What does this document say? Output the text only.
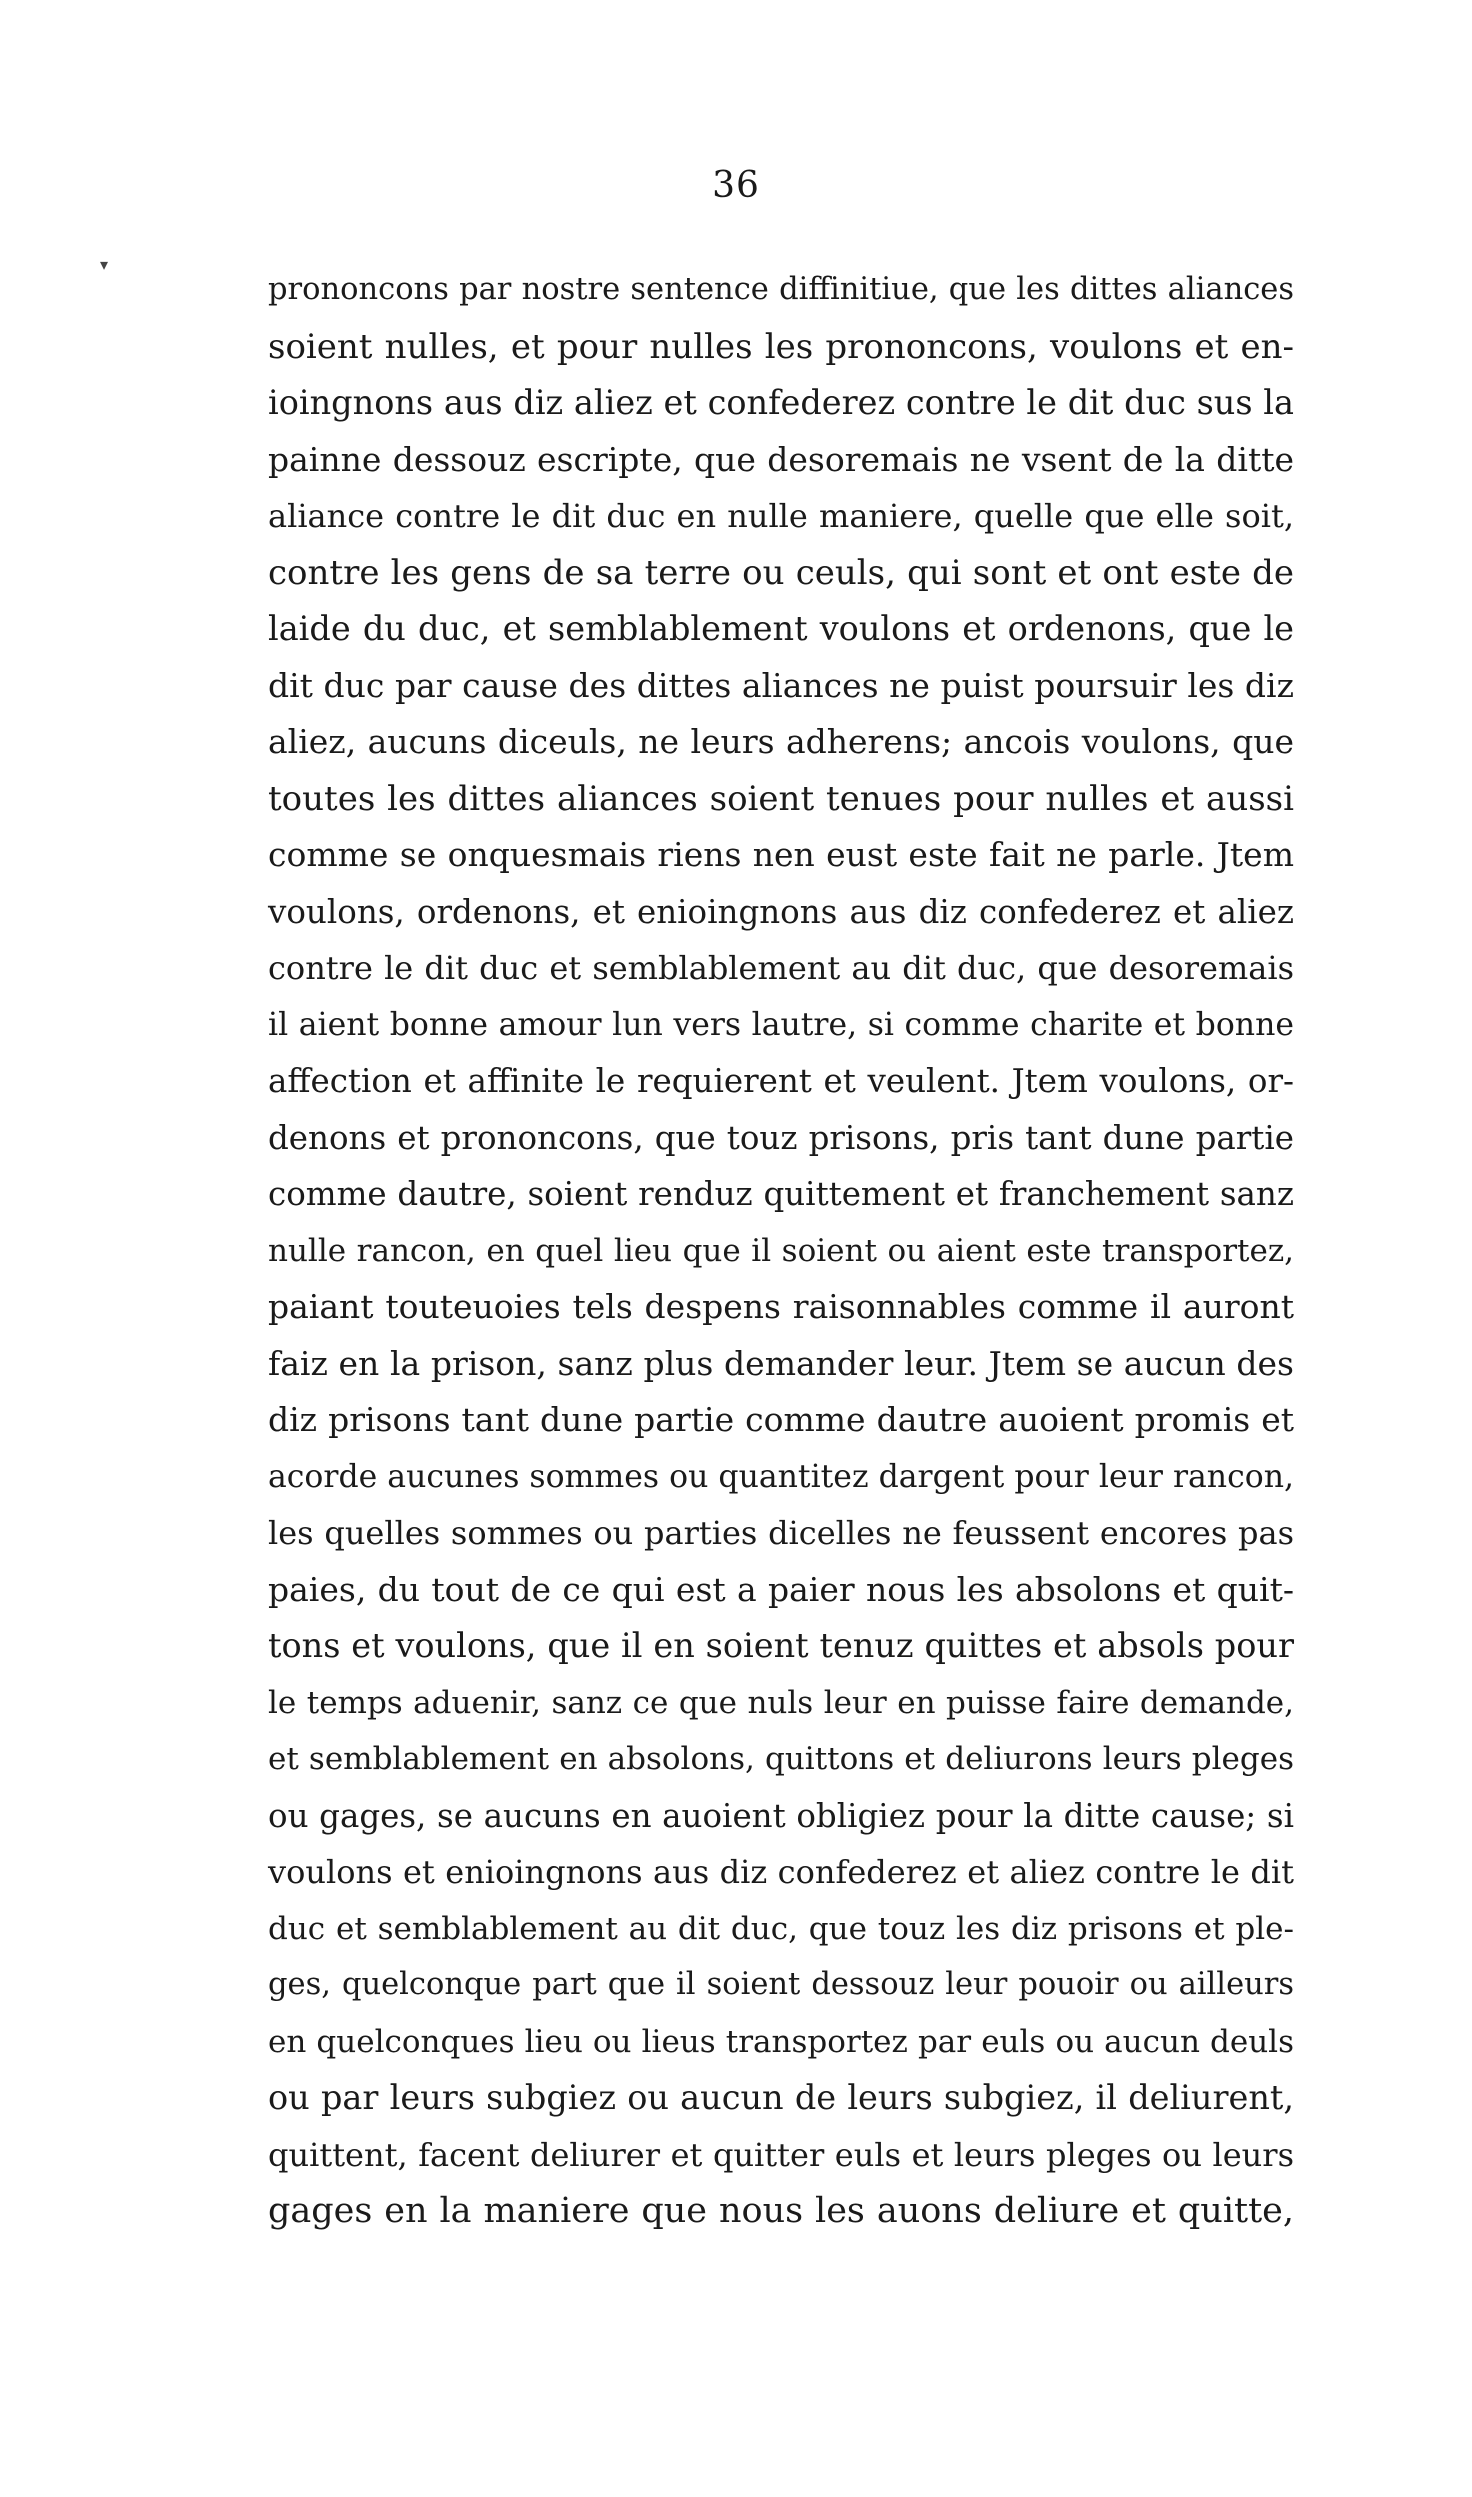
▾
36
prononcons par nostre sentence diffinitiue, que les dittes aliances
soient nulles, et pour nulles les prononcons, voulons et en-
ioingnons aus diz aliez et confederez contre le dit duc sus la
painne dessouz escripte, que desoremais ne vsent de la ditte
aliance contre le dit duc en nulle maniere, quelle que elle soit,
contre les gens de sa terre ou ceuls, qui sont et ont este de
laide du duc, et semblablement voulons et ordenons, que le
dit duc par cause des dittes aliances ne puist poursuir les diz
aliez, aucuns diceuls, ne leurs adherens; ancois voulons, que
toutes les dittes aliances soient tenues pour nulles et aussi
comme se onquesmais riens nen eust este fait ne parle. Jtem
voulons, ordenons, et enioingnons aus diz confederez et aliez
contre le dit duc et semblablement au dit duc, que desoremais
il aient bonne amour lun vers lautre, si comme charite et bonne
affection et affinite le requierent et veulent. Jtem voulons, or-
denons et prononcons, que touz prisons, pris tant dune partie
comme dautre, soient renduz quittement et franchement sanz
nulle rancon, en quel lieu que il soient ou aient este transportez,
paiant touteuoies tels despens raisonnables comme il auront
faiz en la prison, sanz plus demander leur. Jtem se aucun des
diz prisons tant dune partie comme dautre auoient promis et
acorde aucunes sommes ou quantitez dargent pour leur rancon,
les quelles sommes ou parties dicelles ne feussent encores pas
paies, du tout de ce qui est a paier nous les absolons et quit-
tons et voulons, que il en soient tenuz quittes et absols pour
le temps aduenir, sanz ce que nuls leur en puisse faire demande,
et semblablement en absolons, quittons et deliurons leurs pleges
ou gages, se aucuns en auoient obligiez pour la ditte cause; si
voulons et enioingnons aus diz confederez et aliez contre le dit
duc et semblablement au dit duc, que touz les diz prisons et ple-
ges, quelconque part que il soient dessouz leur pouoir ou ailleurs
en quelconques lieu ou lieus transportez par euls ou aucun deuls
ou par leurs subgiez ou aucun de leurs subgiez, il deliurent,
quittent, facent deliurer et quitter euls et leurs pleges ou leurs
gages en la maniere que nous les auons deliure et quitte,
